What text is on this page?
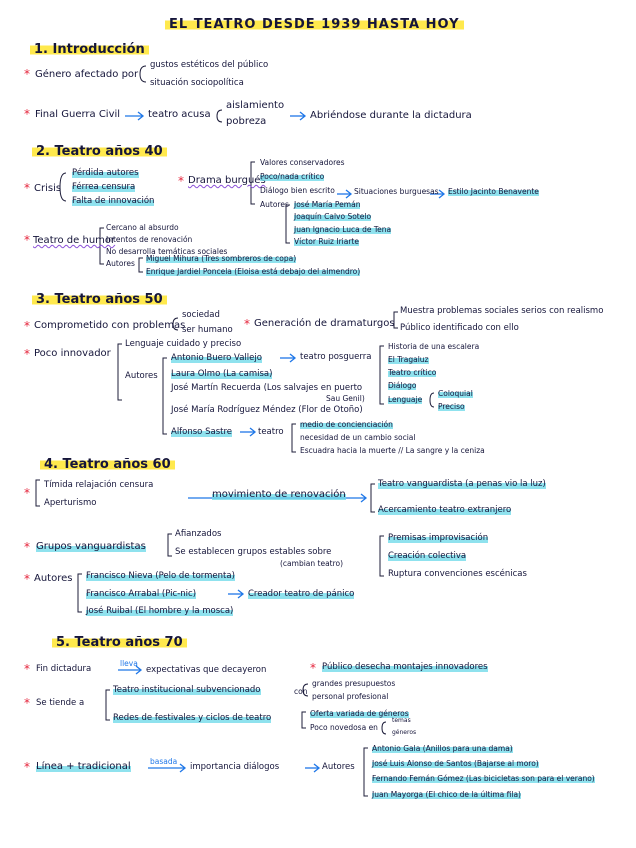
EL TEATRO DESDE 1939 HASTA HOY
1. Introducción
* Género afectado por
gustos estéticos del público
situación sociopolítica
* Final Guerra Civil	teatro acusa
aislamiento
pobreza
Abriéndose durante la dictadura
2. Teatro años 40
* Crisis
Pérdida autores
Férrea censura
Falta de innovación
* Drama burgués
Valores conservadores
Poco/nada crítico
Diálogo bien escrito
Autores
Situaciones burguesas Estilo Jacinto Benavente
José María Pemán
Joaquín Calvo Sotelo
Juan Ignacio Luca de Tena
Víctor Ruiz Iriarte
* Teatro de humor
Cercano al absurdo
Intentos de renovación
No desarrolla temáticas sociales
Autores
Miguel Mihura (Tres sombreros de copa)
Enrique Jardiel Poncela (Eloisa está debajo del almendro)
3. Teatro años 50
* Comprometido con problemas
sociedad
ser humano * Generación de dramaturgos
Muestra problemas sociales serios con realismo
Público identificado con ello
* Poco innovador
Lenguaje cuidado y preciso
Autores
Antonio Buero Vallejo
Laura Olmo (La camisa)
José Martín Recuerda (Los salvajes en puerto
Sau Genil)
José María Rodríguez Méndez (Flor de Otoño)
Alfonso Sastre
teatro posguerra
Historia de una escalera
El Tragaluz
Teatro crítico
Diálogo
Lenguaje
Coloquial
Preciso
teatro
medio de concienciación
necesidad de un cambio social
Escuadra hacia la muerte // La sangre y la ceniza
4. Teatro años 60
*
Tímida relajación censura
Aperturismo
movimiento de renovación
Teatro vanguardista (a penas vio la luz)
Acercamiento teatro extranjero
* Grupos vanguardistas
Afianzados
Se establecen grupos estables sobre
(cambian teatro)
Premisas improvisación
Creación colectiva
Ruptura convenciones escénicas
* Autores Francisco Nieva (Pelo de tormenta)
Francisco Arrabal (Pic-nic)
José Ruibal (El hombre y la mosca)
Creador teatro de pánico
5. Teatro años 70
* Fin dictadura
lleva
expectativas que decayeron	* Público desecha montajes innovadores
* Se tiende a
Teatro institucional subvencionado	con
grandes presupuestos
personal profesional
Redes de festivales y ciclos de teatro	Oferta variada de géneros
Poco novedosa en
temas
géneros
* Línea + tradicional	basada
importancia diálogos	Autores
Antonio Gala (Anillos para una dama)
José Luis Alonso de Santos (Bajarse al moro)
Fernando Fernán Gómez (Las bicicletas son para el verano)
Juan Mayorga (El chico de la última fila)
